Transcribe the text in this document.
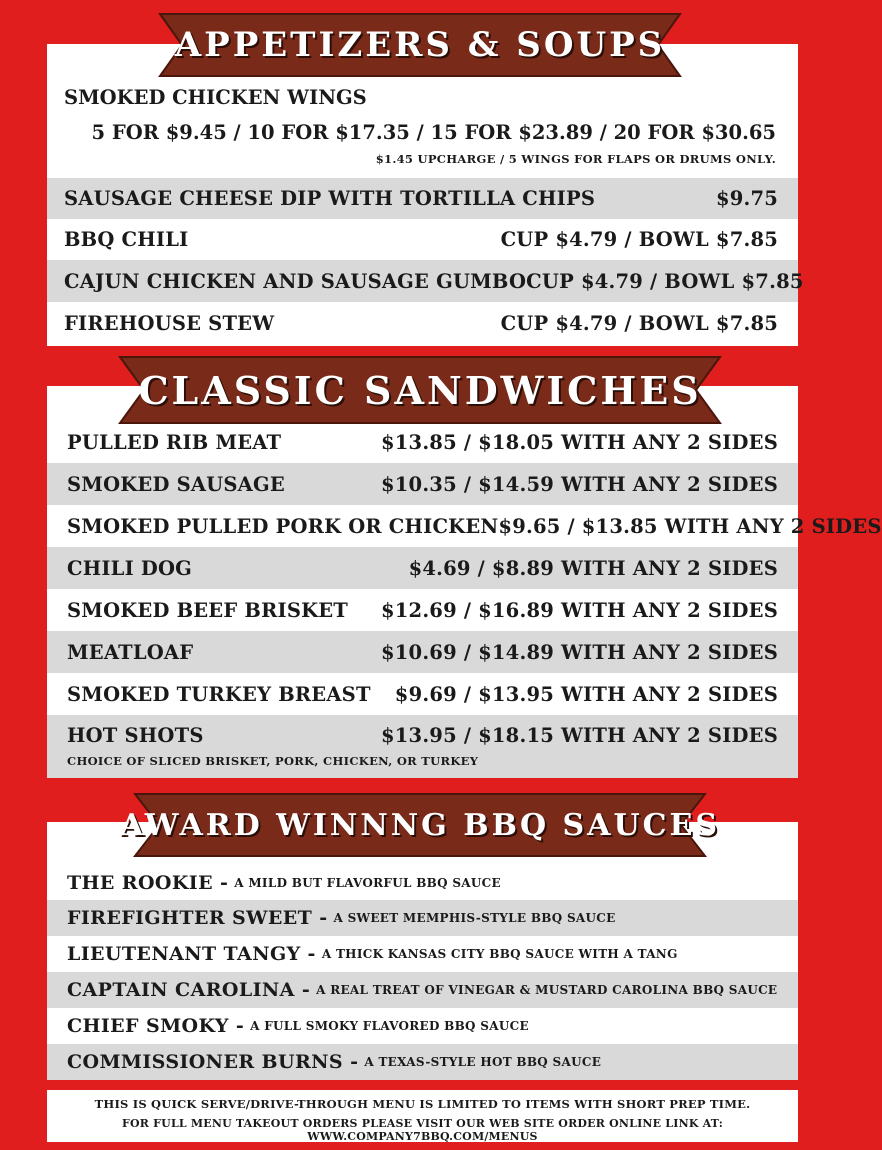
SMOKED CHICKEN WINGS
5 FOR $9.45 / 10 FOR $17.35 / 15 FOR $23.89 / 20 FOR $30.65
$1.45 UPCHARGE / 5 WINGS FOR FLAPS OR DRUMS ONLY.
SAUSAGE CHEESE DIP WITH TORTILLA CHIPS	$9.75
BBQ CHILI	CUP $4.79 / BOWL $7.85
CAJUN CHICKEN AND SAUSAGE GUMBO CUP $4.79 / BOWL $7.85
FIREHOUSE STEW	CUP $4.79 / BOWL $7.85
APPETIZERS & SOUPS
PULLED RIB MEAT	$13.85 / $18.05 WITH ANY 2 SIDES
SMOKED SAUSAGE	$10.35 / $14.59 WITH ANY 2 SIDES
SMOKED PULLED PORK OR CHICKEN $9.65 / $13.85 WITH ANY 2 SIDES
CHILI DOG	$4.69 / $8.89 WITH ANY 2 SIDES
SMOKED BEEF BRISKET	$12.69 / $16.89 WITH ANY 2 SIDES
MEATLOAF	$10.69 / $14.89 WITH ANY 2 SIDES
SMOKED TURKEY BREAST	$9.69 / $13.95 WITH ANY 2 SIDES
HOT SHOTS	$13.95 / $18.15 WITH ANY 2 SIDES
CHOICE OF SLICED BRISKET, PORK, CHICKEN, OR TURKEY
CLASSIC SANDWICHES
THE ROOKIE - A MILD BUT FLAVORFUL BBQ SAUCE
FIREFIGHTER SWEET - A SWEET MEMPHIS-STYLE BBQ SAUCE
LIEUTENANT TANGY - A THICK KANSAS CITY BBQ SAUCE WITH A TANG
CAPTAIN CAROLINA - A REAL TREAT OF VINEGAR & MUSTARD CAROLINA BBQ SAUCE
CHIEF SMOKY - A FULL SMOKY FLAVORED BBQ SAUCE
COMMISSIONER BURNS - A TEXAS-STYLE HOT BBQ SAUCE
AWARD WINNNG BBQ SAUCES
THIS IS QUICK SERVE/DRIVE-THROUGH MENU IS LIMITED TO ITEMS WITH SHORT PREP TIME.
FOR FULL MENU TAKEOUT ORDERS PLEASE VISIT OUR WEB SITE ORDER ONLINE LINK AT: WWW.COMPANY7BBQ.COM/MENUS
